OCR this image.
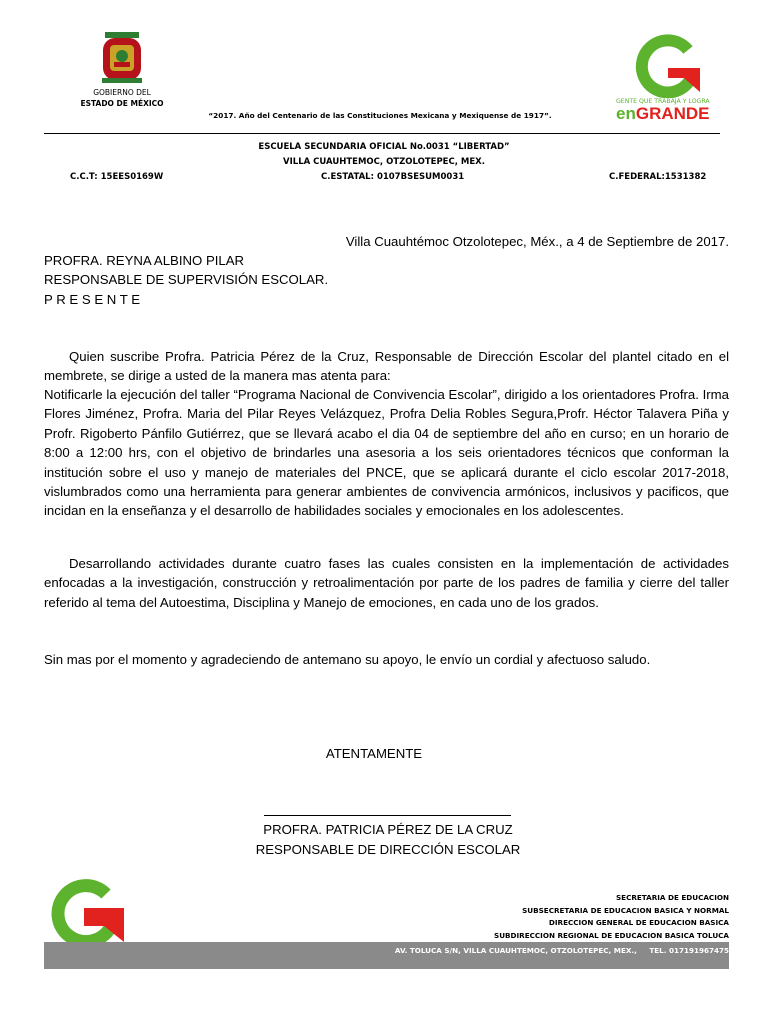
GOBIERNO DEL
ESTADO DE MÉXICO
“2017. Año del Centenario de las Constituciones Mexicana y Mexiquense de 1917”.
GENTE QUE TRABAJA Y LOGRA
enGRANDE
ESCUELA SECUNDARIA OFICIAL No.0031 “LIBERTAD”
VILLA CUAUHTEMOC, OTZOLOTEPEC, MEX.
C.C.T: 15EES0169W	C.ESTATAL: 0107BSESUM0031	C.FEDERAL:1531382
Villa Cuauhtémoc Otzolotepec, Méx., a 4 de Septiembre de 2017.
PROFRA. REYNA ALBINO PILAR
RESPONSABLE DE SUPERVISIÓN ESCOLAR.
P R E S E N T E
Quien suscribe Profra. Patricia Pérez de la Cruz, Responsable de Dirección Escolar del plantel citado en el membrete, se dirige a usted de la manera mas atenta para:
Notificarle la ejecución del taller “Programa Nacional de Convivencia Escolar”, dirigido a los orientadores Profra. Irma Flores Jiménez, Profra. Maria del Pilar Reyes Velázquez, Profra Delia Robles Segura,Profr. Héctor Talavera Piña y Profr. Rigoberto Pánfilo Gutiérrez, que se llevará acabo el dia 04 de septiembre del año en curso; en un horario de 8:00 a 12:00 hrs, con el objetivo de brindarles una asesoria a los seis orientadores técnicos que conforman la institución sobre el uso y manejo de materiales del PNCE, que se aplicará durante el ciclo escolar 2017-2018, vislumbrados como una herramienta para generar ambientes de convivencia armónicos, inclusivos y pacificos, que incidan en la enseñanza y el desarrollo de habilidades sociales y emocionales en los adolescentes.
Desarrollando actividades durante cuatro fases las cuales consisten en la implementación de actividades enfocadas a la investigación, construcción y retroalimentación por parte de los padres de familia y cierre del taller referido al tema del Autoestima, Disciplina y Manejo de emociones, en cada uno de los grados.
Sin mas por el momento y agradeciendo de antemano su apoyo, le envío un cordial y afectuoso saludo.
ATENTAMENTE
PROFRA. PATRICIA PÉREZ DE LA CRUZ
RESPONSABLE DE DIRECCIÓN ESCOLAR
SECRETARIA DE EDUCACION
SUBSECRETARIA DE EDUCACION BASICA Y NORMAL
DIRECCION GENERAL DE EDUCACION BASICA
SUBDIRECCION REGIONAL DE EDUCACION BASICA TOLUCA
AV. TOLUCA S/N, VILLA CUAUHTEMOC, OTZOLOTEPEC, MEX.,     TEL. 017191967475
